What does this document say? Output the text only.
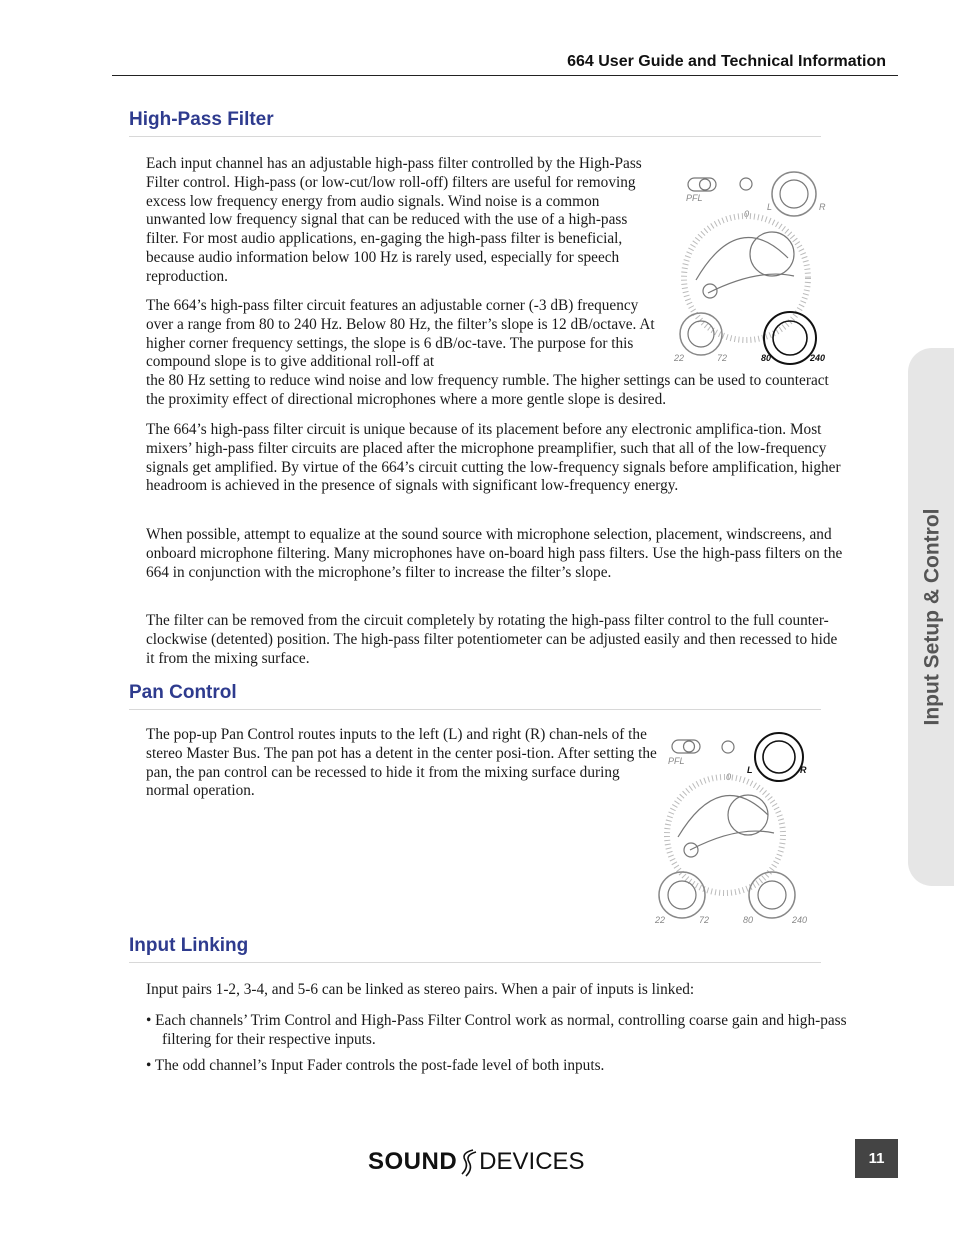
664 User Guide and Technical Information
Input Setup & Control
High-Pass Filter

Each input channel has an adjustable high-pass filter controlled by the High-Pass Filter control. High-pass (or low-cut/low roll-off) filters are useful for removing excess low frequency energy from audio signals. Wind noise is a common unwanted low frequency signal that can be reduced with the use of a high-pass filter. For most audio applications, en-gaging the high-pass filter is beneficial, because audio information below 100 Hz is rarely used, especially for speech reproduction.

The 664’s high-pass filter circuit features an adjustable corner (-3 dB) frequency over a range from 80 to 240 Hz. Below 80 Hz, the filter’s slope is 12 dB/octave. At higher corner frequency settings, the slope is 6 dB/oc-tave. The purpose for this compound slope is to give additional roll-off at

the 80 Hz setting to reduce wind noise and low frequency rumble. The higher settings can be used to counteract the proximity effect of directional microphones where a more gentle slope is desired.

The 664’s high-pass filter circuit is unique because of its placement before any electronic amplifica-tion. Most mixers’ high-pass filter circuits are placed after the microphone preamplifier, such that all of the low-frequency signals get amplified. By virtue of the 664’s circuit cutting the low-frequency signals before amplification, higher headroom is achieved in the presence of signals with significant low-frequency energy.

When possible, attempt to equalize at the sound source with microphone selection, placement, windscreens, and onboard microphone filtering. Many microphones have on-board high pass filters. Use the high-pass filters on the 664 in conjunction with the microphone’s filter to increase the filter’s slope.

The filter can be removed from the circuit completely by rotating the high-pass filter control to the full counter-clockwise (detented) position. The high-pass filter potentiometer can be adjusted easily and then recessed to hide it from the mixing surface.

PFL
0
L	R
22	72	80	240
Pan Control

The pop-up Pan Control routes inputs to the left (L) and right (R) chan-nels of the stereo Master Bus. The pan pot has a detent in the center posi-tion. After setting the pan, the pan control can be recessed to hide it from the mixing surface during normal operation.

PFL
0
L	R
22	72	80	240
Input Linking

Input pairs 1-2, 3-4, and 5-6 can be linked as stereo pairs. When a pair of inputs is linked:

• Each channels’ Trim Control and High-Pass Filter Control work as normal, controlling coarse gain and high-pass filtering for their respective inputs.

• The odd channel’s Input Fader controls the post-fade level of both inputs.

SOUND DEVICES	11
